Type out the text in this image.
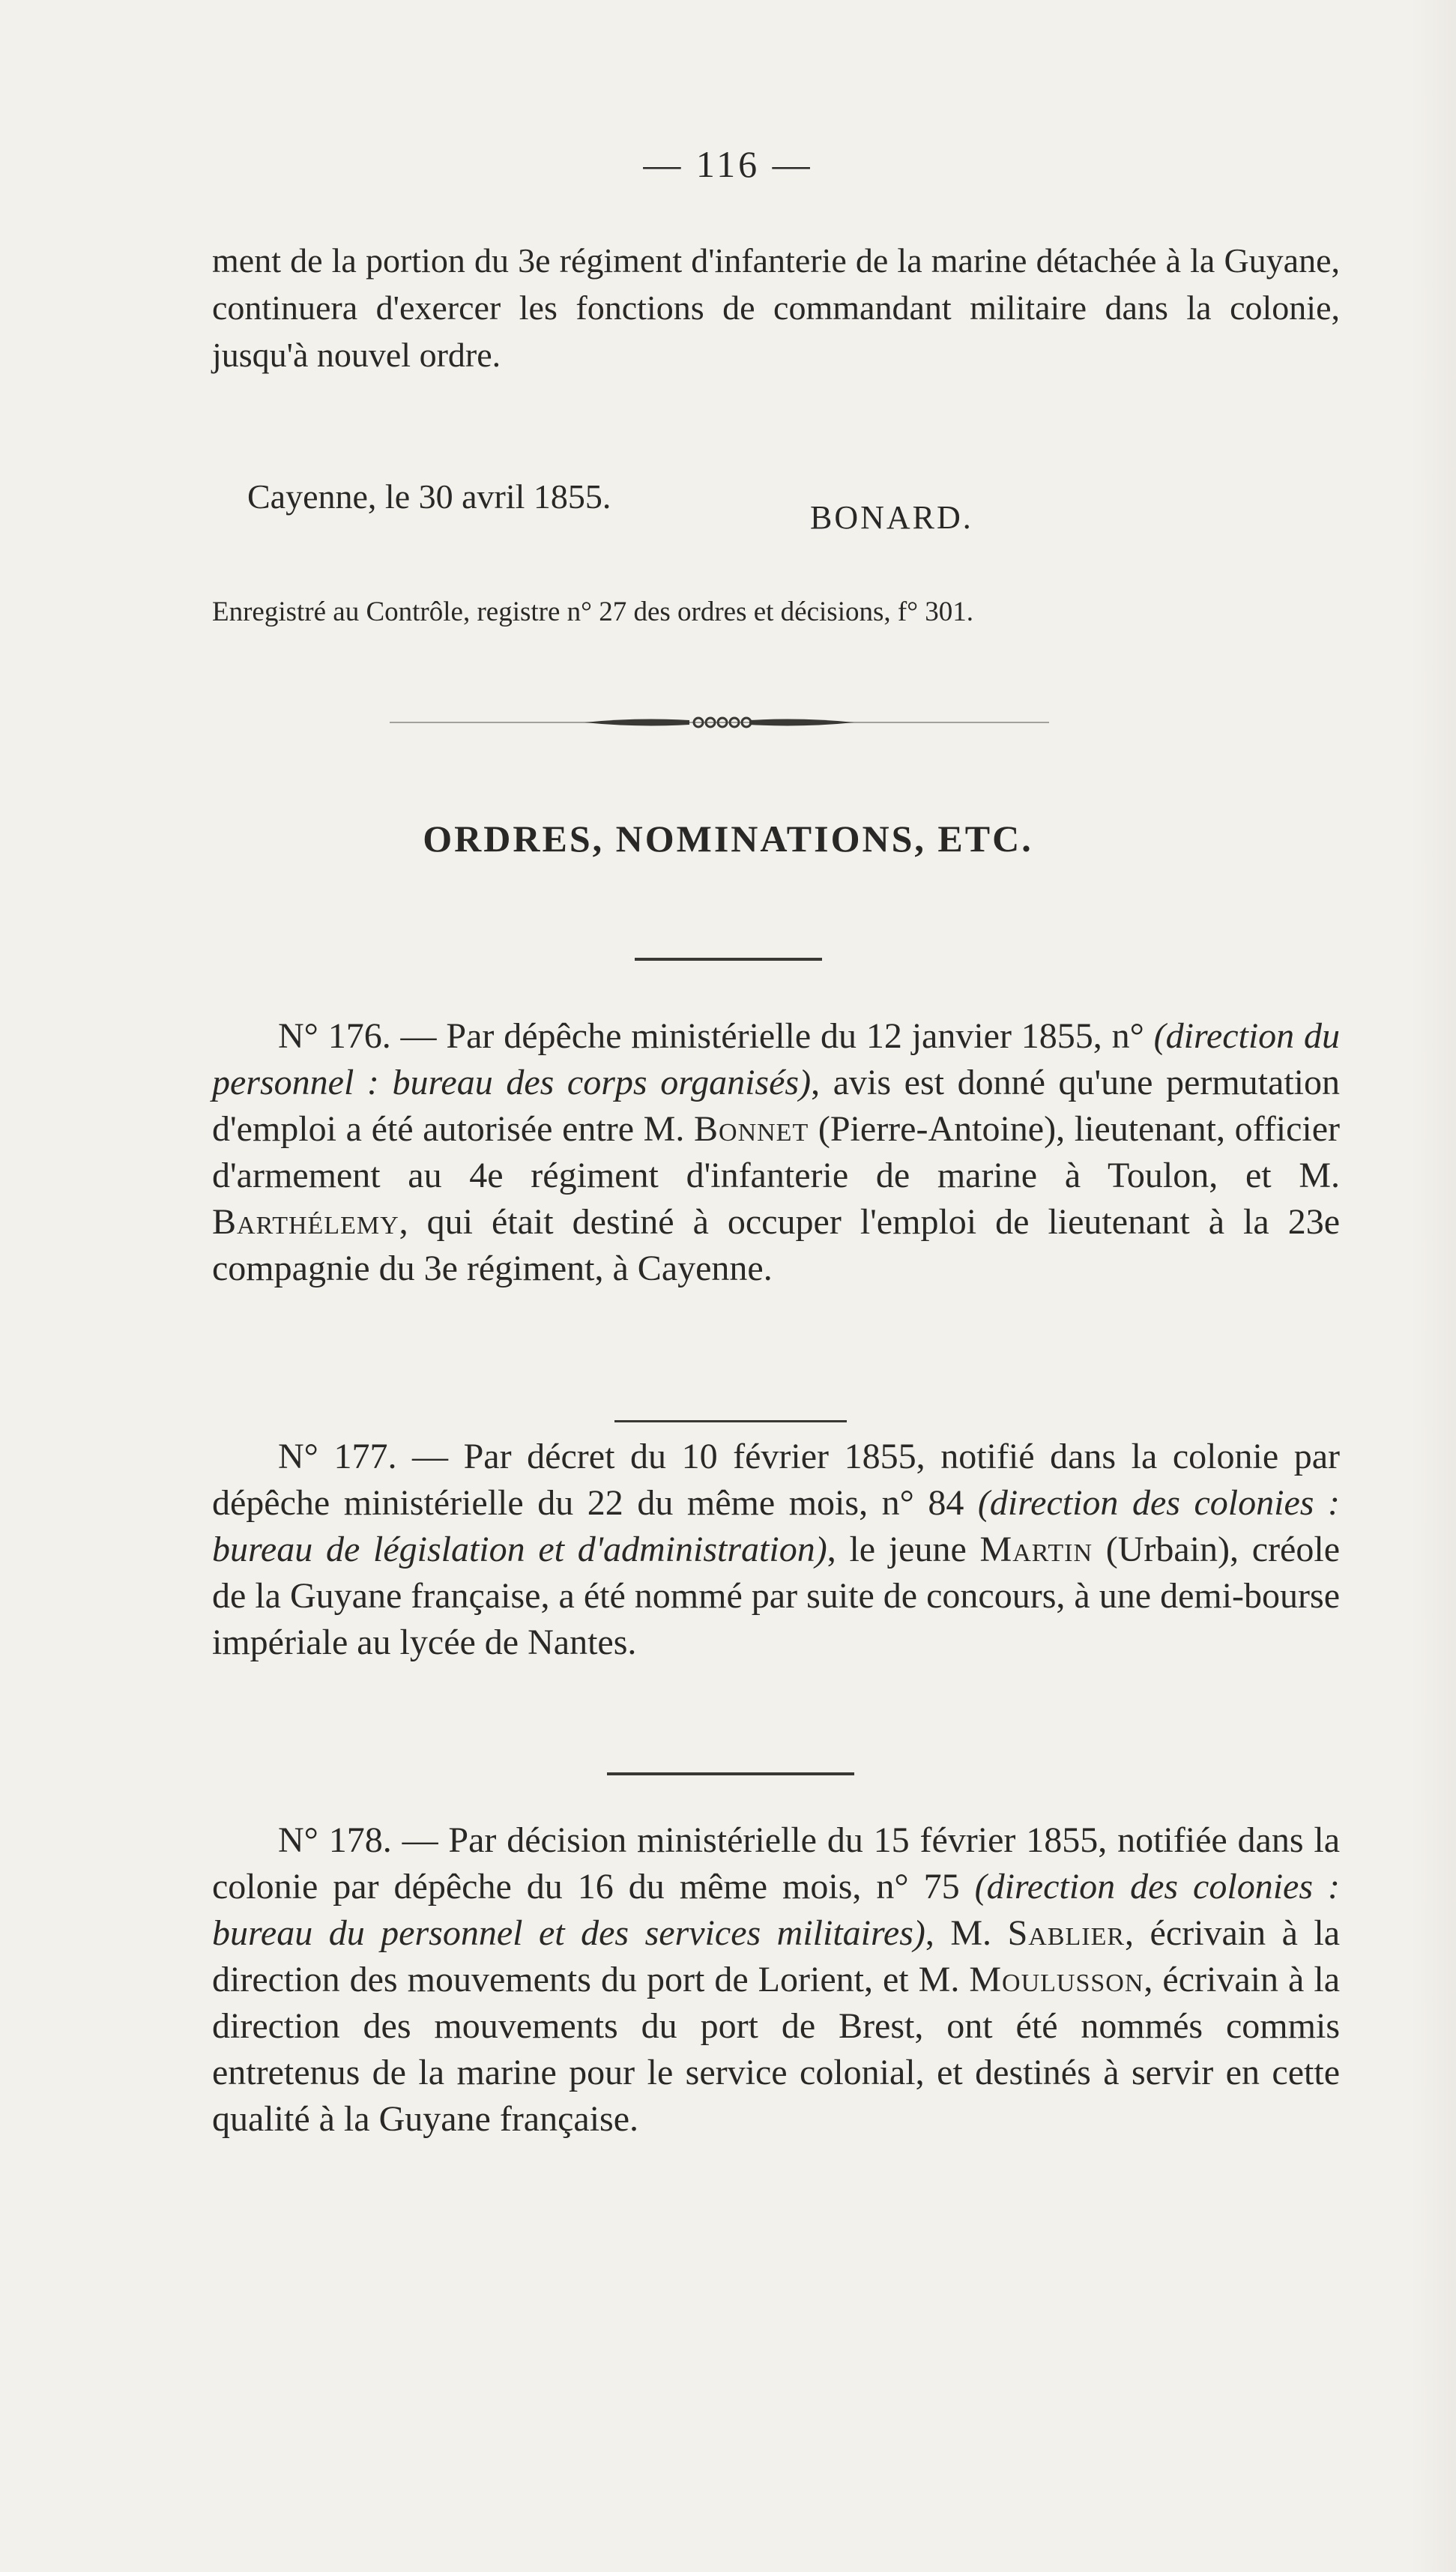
— 116 —

ment de la portion du 3e régiment d'infanterie de la marine détachée à la Guyane, continuera d'exercer les fonctions de commandant militaire dans la colonie, jusqu'à nouvel ordre.

Cayenne, le 30 avril 1855.
BONARD.
Enregistré au Contrôle, registre n° 27 des ordres et décisions, f° 301.
ORDRES, NOMINATIONS, ETC.

N° 176. — Par dépêche ministérielle du 12 janvier 1855, n° (direction du personnel : bureau des corps organisés), avis est donné qu'une permutation d'emploi a été autorisée entre M. Bonnet (Pierre-Antoine), lieutenant, officier d'armement au 4e régiment d'infanterie de marine à Toulon, et M. Barthélemy, qui était destiné à occuper l'emploi de lieutenant à la 23e compagnie du 3e régiment, à Cayenne.

N° 177. — Par décret du 10 février 1855, notifié dans la colonie par dépêche ministérielle du 22 du même mois, n° 84 (direction des colonies : bureau de législation et d'administration), le jeune Martin (Urbain), créole de la Guyane française, a été nommé par suite de concours, à une demi-bourse impériale au lycée de Nantes.

N° 178. — Par décision ministérielle du 15 février 1855, notifiée dans la colonie par dépêche du 16 du même mois, n° 75 (direction des colonies : bureau du personnel et des services militaires), M. Sablier, écrivain à la direction des mouvements du port de Lorient, et M. Moulusson, écrivain à la direction des mouvements du port de Brest, ont été nommés commis entretenus de la marine pour le service colonial, et destinés à servir en cette qualité à la Guyane française.
